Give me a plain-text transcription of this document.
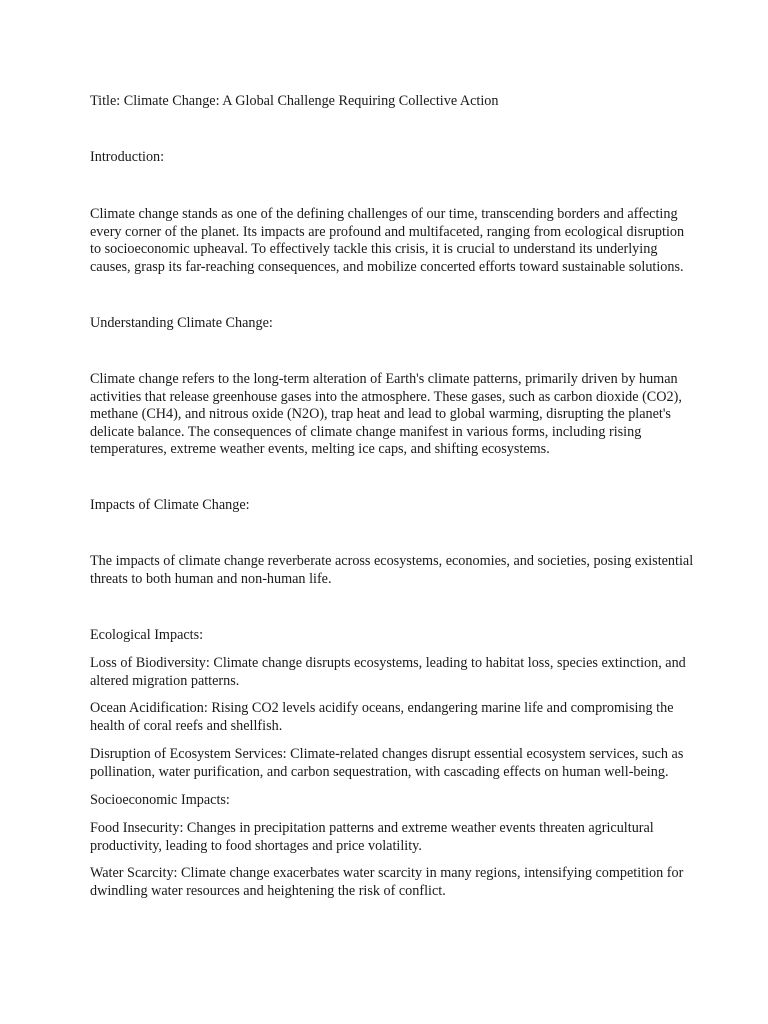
Title: Climate Change: A Global Challenge Requiring Collective Action

Introduction:

Climate change stands as one of the defining challenges of our time, transcending borders and affecting

every corner of the planet. Its impacts are profound and multifaceted, ranging from ecological disruption

to socioeconomic upheaval. To effectively tackle this crisis, it is crucial to understand its underlying

causes, grasp its far-reaching consequences, and mobilize concerted efforts toward sustainable solutions.

Understanding Climate Change:

Climate change refers to the long-term alteration of Earth's climate patterns, primarily driven by human

activities that release greenhouse gases into the atmosphere. These gases, such as carbon dioxide (CO2),

methane (CH4), and nitrous oxide (N2O), trap heat and lead to global warming, disrupting the planet's

delicate balance. The consequences of climate change manifest in various forms, including rising

temperatures, extreme weather events, melting ice caps, and shifting ecosystems.

Impacts of Climate Change:

The impacts of climate change reverberate across ecosystems, economies, and societies, posing existential

threats to both human and non-human life.

Ecological Impacts:

Loss of Biodiversity: Climate change disrupts ecosystems, leading to habitat loss, species extinction, and

altered migration patterns.

Ocean Acidification: Rising CO2 levels acidify oceans, endangering marine life and compromising the

health of coral reefs and shellfish.

Disruption of Ecosystem Services: Climate-related changes disrupt essential ecosystem services, such as

pollination, water purification, and carbon sequestration, with cascading effects on human well-being.

Socioeconomic Impacts:

Food Insecurity: Changes in precipitation patterns and extreme weather events threaten agricultural

productivity, leading to food shortages and price volatility.

Water Scarcity: Climate change exacerbates water scarcity in many regions, intensifying competition for

dwindling water resources and heightening the risk of conflict.
